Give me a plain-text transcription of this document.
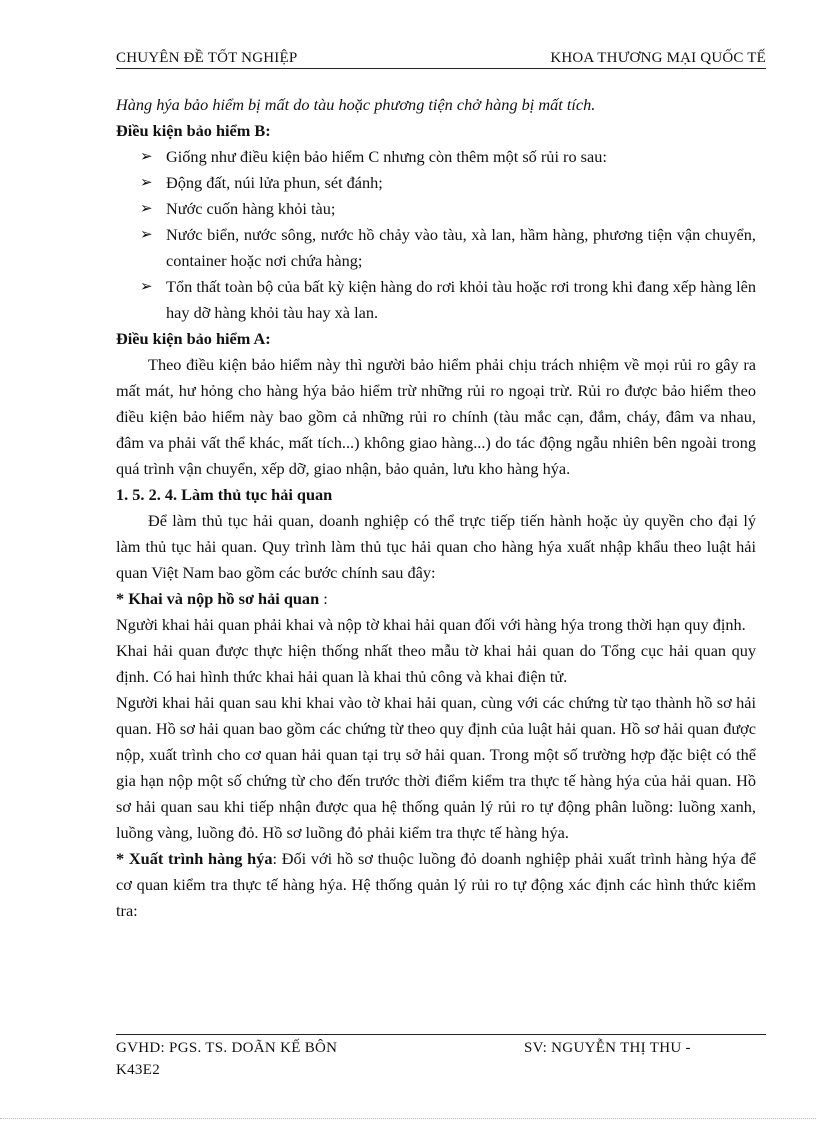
CHUYÊN ĐỀ TỐT NGHIỆP	KHOA THƯƠNG MẠI QUỐC TẾ

Hàng hýa bảo hiểm bị mất do tàu hoặc phương tiện chở hàng bị mất tích.

Điều kiện bảo hiểm B:

➢ Giống như điều kiện bảo hiểm C nhưng còn thêm một số rủi ro sau:
➢ Động đất, núi lửa phun, sét đánh;
➢ Nước cuốn hàng khỏi tàu;
➢ Nước biển, nước sông, nước hồ chảy vào tàu, xà lan, hầm hàng, phương tiện vận chuyển, container hoặc nơi chứa hàng;
➢ Tổn thất toàn bộ của bất kỳ kiện hàng do rơi khỏi tàu hoặc rơi trong khi đang xếp hàng lên hay dỡ hàng khỏi tàu hay xà lan.

Điều kiện bảo hiểm A:

Theo điều kiện bảo hiểm này thì người bảo hiểm phải chịu trách nhiệm về mọi rủi ro gây ra mất mát, hư hỏng cho hàng hýa bảo hiểm trừ những rủi ro ngoại trừ. Rủi ro được bảo hiểm theo điều kiện bảo hiểm này bao gồm cả những rủi ro chính (tàu mắc cạn, đắm, cháy, đâm va nhau, đâm va phải vất thể khác, mất tích...) không giao hàng...) do tác động ngẫu nhiên bên ngoài trong quá trình vận chuyển, xếp dỡ, giao nhận, bảo quản, lưu kho hàng hýa.

1. 5. 2. 4. Làm thủ tục hải quan

Để làm thủ tục hải quan, doanh nghiệp có thể trực tiếp tiến hành hoặc ủy quyền cho đại lý làm thủ tục hải quan. Quy trình làm thủ tục hải quan cho hàng hýa xuất nhập khẩu theo luật hải quan Việt Nam bao gồm các bước chính sau đây:

* Khai và nộp hồ sơ hải quan :

Người khai hải quan phải khai và nộp tờ khai hải quan đối với hàng hýa trong thời hạn quy định.

Khai hải quan được thực hiện thống nhất theo mẫu tờ khai hải quan do Tổng cục hải quan quy định. Có hai hình thức khai hải quan là khai thủ công và khai điện tử.

Người khai hải quan sau khi khai vào tờ khai hải quan, cùng với các chứng từ tạo thành hồ sơ hải quan. Hồ sơ hải quan bao gồm các chứng từ theo quy định của luật hải quan. Hồ sơ hải quan được nộp, xuất trình cho cơ quan hải quan tại trụ sở hải quan. Trong một số trường hợp đặc biệt có thể gia hạn nộp một số chứng từ cho đến trước thời điểm kiểm tra thực tế hàng hýa của hải quan. Hồ sơ hải quan sau khi tiếp nhận được qua hệ thống quản lý rủi ro tự động phân luồng: luồng xanh, luồng vàng, luồng đỏ. Hồ sơ luồng đỏ phải kiểm tra thực tế hàng hýa.

* Xuất trình hàng hýa: Đối với hồ sơ thuộc luồng đỏ doanh nghiệp phải xuất trình hàng hýa để cơ quan kiểm tra thực tế hàng hýa. Hệ thống quản lý rủi ro tự động xác định các hình thức kiểm tra:

GVHD: PGS. TS. DOÃN KẾ BÔN	SV: NGUYỄN THỊ THU -
K43E2
